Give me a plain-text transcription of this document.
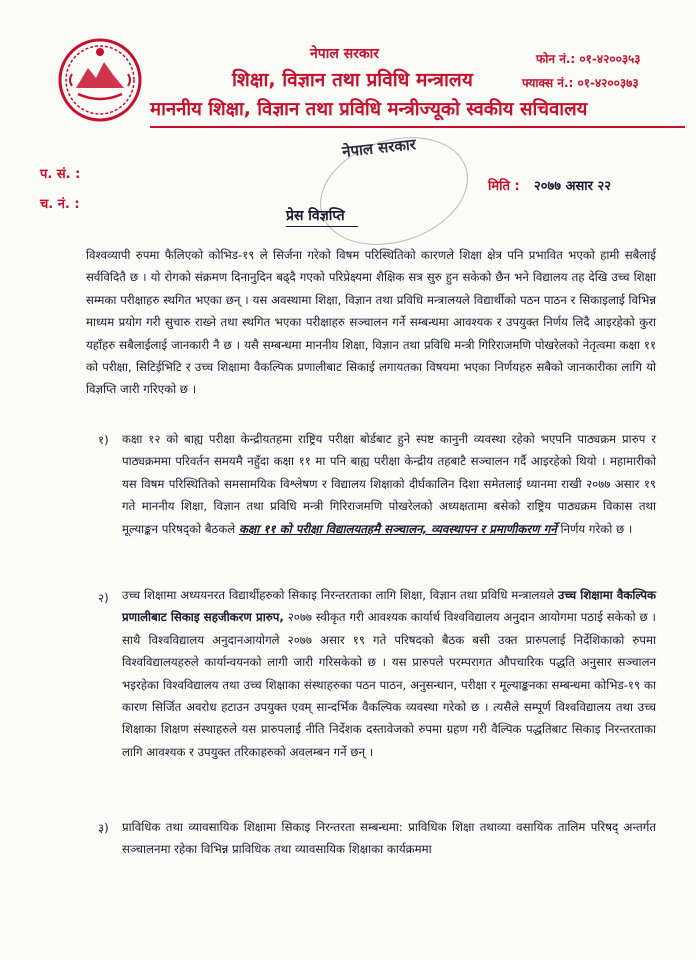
नेपाल सरकार
शिक्षा, विज्ञान तथा प्रविधि मन्त्रालय
माननीय शिक्षा, विज्ञान तथा प्रविधि मन्त्रीज्यूको स्वकीय सचिवालय
फोन नं.: ०१-४२००३५३
फ्याक्स नं.: ०१-४२००३७३
प. सं. :
च. नं. :
मिति : २०७७ असार २२
नेपाल सरकार
प्रेस विज्ञप्ति
विश्वव्यापी रुपमा फैलिएको कोभिड-१९ ले सिर्जना गरेको विषम परिस्थितिको कारणले शिक्षा क्षेत्र पनि प्रभावित भएको हामी सबैलाई सर्वविदितै छ । यो रोगको संक्रमण दिनानुदिन बढ्दै गएको परिप्रेक्ष्यमा शैक्षिक सत्र सुरु हुन सकेको छैन भने विद्यालय तह देखि उच्च शिक्षा सम्मका परीक्षाहरु स्थगित भएका छन् । यस अवस्थामा शिक्षा, विज्ञान तथा प्रविधि मन्त्रालयले विद्यार्थीको पठन पाठन र सिकाइलाई विभिन्न माध्यम प्रयोग गरी सुचारु राख्ने तथा स्थगित भएका परीक्षाहरु सञ्चालन गर्ने सम्बन्धमा आवश्यक र उपयुक्त निर्णय लिदै आइरहेको कुरा यहाँहरु सबैलाईलाई जानकारी नै छ । यसै सम्बन्धमा माननीय शिक्षा, विज्ञान तथा प्रविधि मन्त्री गिरिराजमणि पोखरेलको नेतृत्वमा कक्षा ११ को परीक्षा, सिटिईभिटि र उच्च शिक्षामा वैकल्पिक प्रणालीबाट सिकाई लगायतका विषयमा भएका निर्णयहरु सबैको जानकारीका लागि यो विज्ञप्ति जारी गरिएको छ ।
१) कक्षा १२ को बाह्य परीक्षा केन्द्रीयतहमा राष्ट्रिय परीक्षा बोर्डबाट हुने स्पष्ट कानुनी व्यवस्था रहेको भएपनि पाठ्यक्रम प्रारुप र पाठ्यक्रममा परिवर्तन समयमै नहुँदा कक्षा ११ मा पनि बाह्य परीक्षा केन्द्रीय तहबाटै सञ्चालन गर्दै आइरहेको थियो । महामारीको यस विषम परिस्थितिको समसामयिक विश्लेषण र विद्यालय शिक्षाको दीर्घकालिन दिशा समेतलाई ध्यानमा राखी २०७७ असार १९ गते माननीय शिक्षा, विज्ञान तथा प्रविधि मन्त्री गिरिराजमणि पोखरेलको अध्यक्षतामा बसेको राष्ट्रिय पाठ्यक्रम विकास तथा मूल्याङ्कन परिषद्को बैठकले कक्षा ११ को परीक्षा विद्यालयतहमै सञ्चालन, व्यवस्थापन र प्रमाणीकरण गर्ने निर्णय गरेको छ ।
२) उच्च शिक्षामा अध्ययनरत विद्यार्थीहरुको सिकाइ निरन्तरताका लागि शिक्षा, विज्ञान तथा प्रविधि मन्त्रालयले उच्च शिक्षामा वैकल्पिक प्रणालीबाट सिकाइ सहजीकरण प्रारुप, २०७७ स्वीकृत गरी आवश्यक कार्यार्थ विश्वविद्यालय अनुदान आयोगमा पठाई सकेको छ । साथै विश्वविद्यालय अनुदानआयोगले २०७७ असार १९ गते परिषदको बैठक बसी उक्त प्रारुपलाई निर्देशिकाको रुपमा विश्वविद्यालयहरुले कार्यान्वयनको लागी जारी गरिसकेको छ । यस प्रारुपले परम्परागत औपचारिक पद्धति अनुसार सञ्चालन भइरहेका विश्वविद्यालय तथा उच्च शिक्षाका संस्थाहरुका पठन पाठन, अनुसन्धान, परीक्षा र मूल्याङ्कनका सम्बन्धमा कोभिड-१९ का कारण सिर्जित अवरोध हटाउन उपयुक्त एवम् सान्दर्भिक वैकल्पिक व्यवस्था गरेको छ । त्यसैले सम्पूर्ण विश्वविद्यालय तथा उच्च शिक्षाका शिक्षण संस्थाहरुले यस प्रारुपलाई नीति निर्देशक दस्तावेजको रुपमा ग्रहण गरी वैल्पिक पद्धतिबाट सिकाइ निरन्तरताका लागि आवश्यक र उपयुक्त तरिकाहरुको अवलम्बन गर्ने छन् ।
३) प्राविधिक तथा व्यावसायिक शिक्षामा सिकाइ निरन्तरता सम्बन्धमा: प्राविधिक शिक्षा तथाव्या वसायिक तालिम परिषद् अन्तर्गत सञ्चालनमा रहेका विभिन्न प्राविधिक तथा व्यावसायिक शिक्षाका कार्यक्रममा
